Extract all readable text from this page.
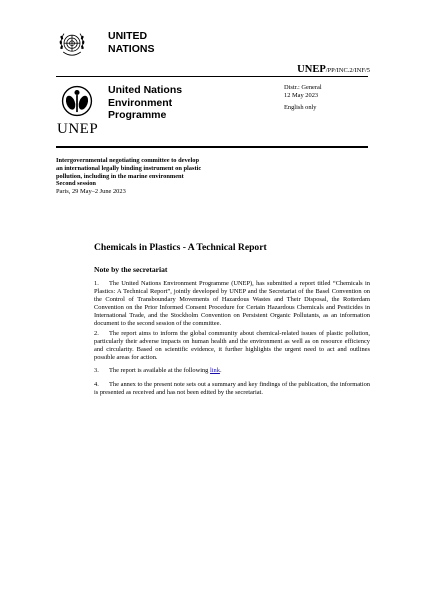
UNITED
NATIONS
UNEP/PP/INC.2/INF/5
UNEP
United Nations
Environment
Programme
Distr.: General
12 May 2023
English only
Intergovernmental negotiating committee to develop
an international legally binding instrument on plastic
pollution, including in the marine environment
Second session
Paris, 29 May–2 June 2023
Chemicals in Plastics - A Technical Report
Note by the secretariat
1. The United Nations Environment Programme (UNEP), has submitted a report titled “Chemicals in Plastics: A Technical Report”, jointly developed by UNEP and the Secretariat of the Basel Convention on the Control of Transboundary Movements of Hazardous Wastes and Their Disposal, the Rotterdam Convention on the Prior Informed Consent Procedure for Certain Hazardous Chemicals and Pesticides in International Trade, and the Stockholm Convention on Persistent Organic Pollutants, as an information document to the second session of the committee.
2. The report aims to inform the global community about chemical-related issues of plastic pollution, particularly their adverse impacts on human health and the environment as well as on resource efficiency and circularity. Based on scientific evidence, it further highlights the urgent need to act and outlines possible areas for action.
3. The report is available at the following link.
4. The annex to the present note sets out a summary and key findings of the publication, the information is presented as received and has not been edited by the secretariat.
